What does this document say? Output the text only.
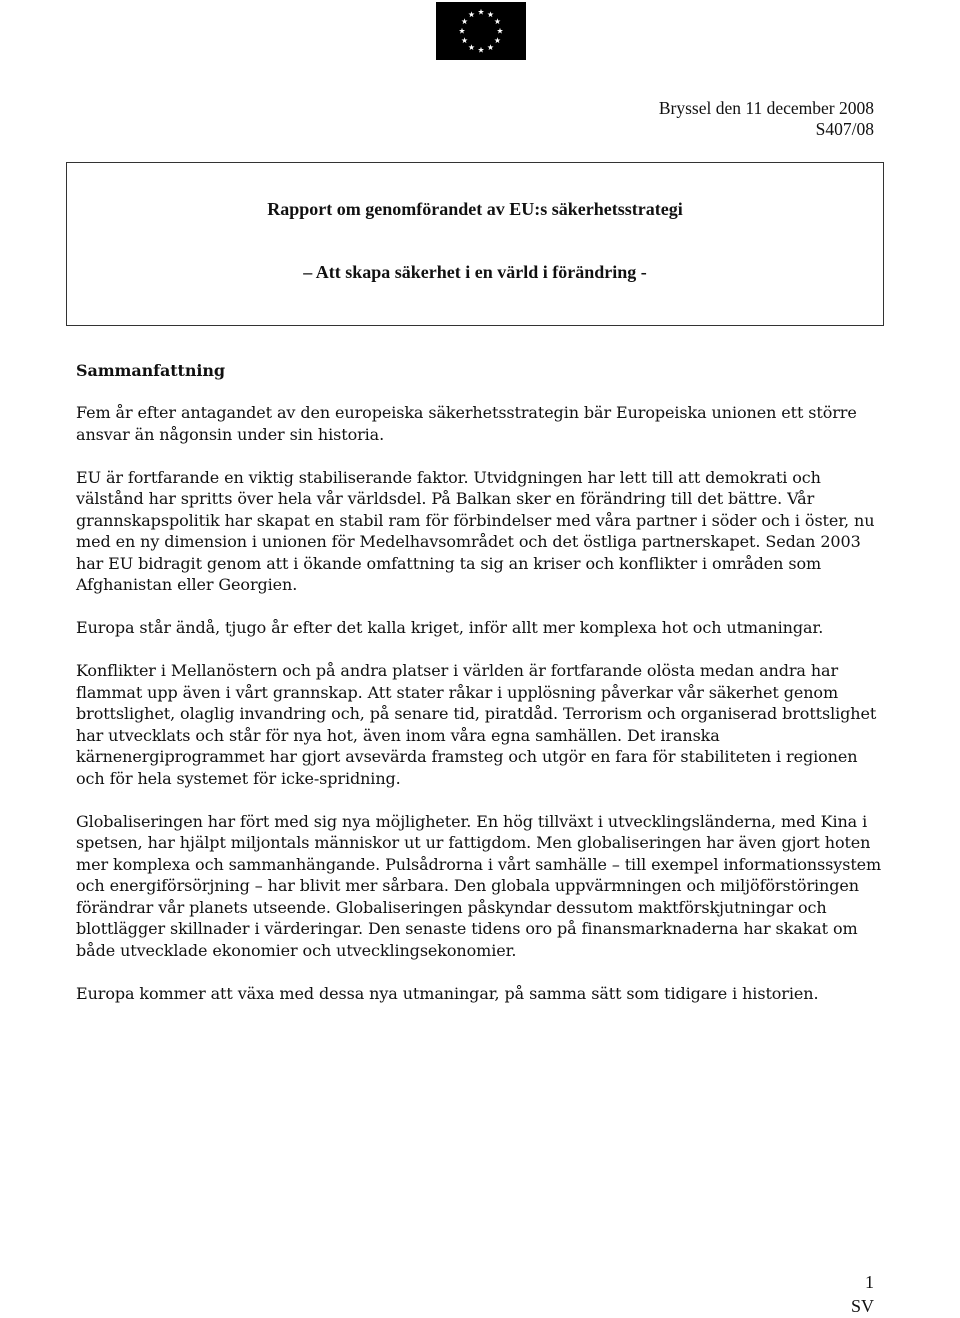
Bryssel den 11 december 2008
S407/08
Rapport om genomförandet av EU:s säkerhetsstrategi
– Att skapa säkerhet i en värld i förändring -
Sammanfattning

Fem år efter antagandet av den europeiska säkerhetsstrategin bär Europeiska unionen ett större ansvar än någonsin under sin historia.

EU är fortfarande en viktig stabiliserande faktor. Utvidgningen har lett till att demokrati och välstånd har spritts över hela vår världsdel. På Balkan sker en förändring till det bättre. Vår grannskapspolitik har skapat en stabil ram för förbindelser med våra partner i söder och i öster, nu med en ny dimension i unionen för Medelhavsområdet och det östliga partnerskapet. Sedan 2003 har EU bidragit genom att i ökande omfattning ta sig an kriser och konflikter i områden som Afghanistan eller Georgien.

Europa står ändå, tjugo år efter det kalla kriget, inför allt mer komplexa hot och utmaningar.

Konflikter i Mellanöstern och på andra platser i världen är fortfarande olösta medan andra har flammat upp även i vårt grannskap. Att stater råkar i upplösning påverkar vår säkerhet genom brottslighet, olaglig invandring och, på senare tid, piratdåd. Terrorism och organiserad brottslighet har utvecklats och står för nya hot, även inom våra egna samhällen. Det iranska kärnenergiprogrammet har gjort avsevärda framsteg och utgör en fara för stabiliteten i regionen och för hela systemet för icke-spridning.

Globaliseringen har fört med sig nya möjligheter. En hög tillväxt i utvecklingsländerna, med Kina i spetsen, har hjälpt miljontals människor ut ur fattigdom. Men globaliseringen har även gjort hoten mer komplexa och sammanhängande. Pulsådrorna i vårt samhälle – till exempel informationssystem och energiförsörjning – har blivit mer sårbara. Den globala uppvärmningen och miljöförstöringen förändrar vår planets utseende. Globaliseringen påskyndar dessutom maktförskjutningar och blottlägger skillnader i värderingar. Den senaste tidens oro på finansmarknaderna har skakat om både utvecklade ekonomier och utvecklingsekonomier.

Europa kommer att växa med dessa nya utmaningar, på samma sätt som tidigare i historien.

1
SV
